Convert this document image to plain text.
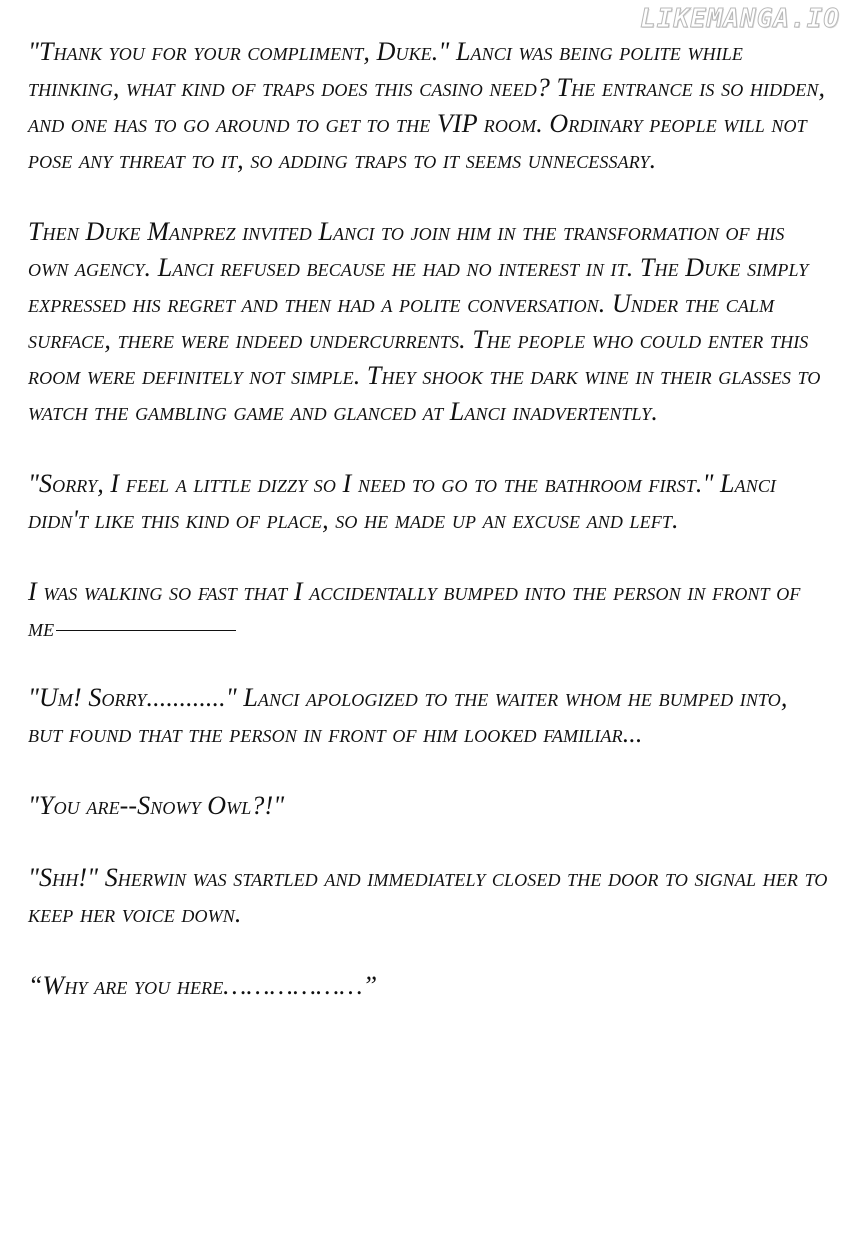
LIKEMANGA.IO

"Thank you for your compliment, Duke." Lanci was being polite while thinking, what kind of traps does this casino need? The entrance is so hidden, and one has to go around to get to the VIP room. Ordinary people will not pose any threat to it, so adding traps to it seems unnecessary.

Then Duke Manprez invited Lanci to join him in the transformation of his own agency. Lanci refused because he had no interest in it. The Duke simply expressed his regret and then had a polite conversation. Under the calm surface, there were indeed undercurrents. The people who could enter this room were definitely not simple. They shook the dark wine in their glasses to watch the gambling game and glanced at Lanci inadvertently.

"Sorry, I feel a little dizzy so I need to go to the bathroom first." Lanci didn't like this kind of place, so he made up an excuse and left.

I was walking so fast that I accidentally bumped into the person in front of me

"Um! Sorry............" Lanci apologized to the waiter whom he bumped into, but found that the person in front of him looked familiar...

"You are--Snowy Owl?!"

"Shh!" Sherwin was startled and immediately closed the door to signal her to keep her voice down.

“Why are you here………………”
